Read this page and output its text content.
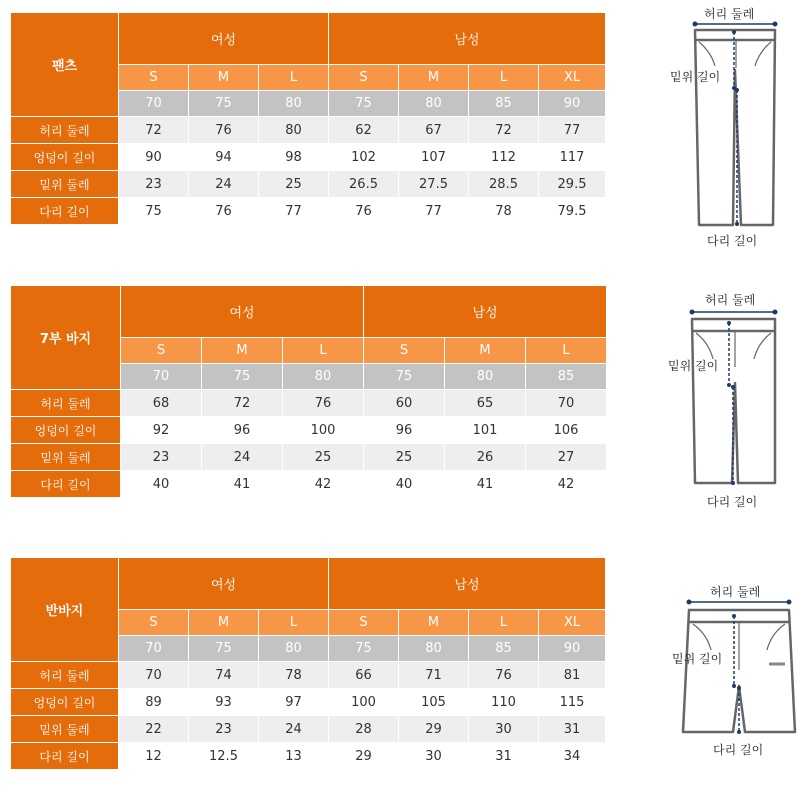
팬츠	여성			남성			
	S	M	L	S	M	L	XL
	70	75	80	75	80	85	90
허리 둘레	72	76	80	62	67	72	77
엉덩이 길이	90	94	98	102	107	112	117
밑위 둘레	23	24	25	26.5	27.5	28.5	29.5
다리 길이	75	76	77	76	77	78	79.5
7부 바지	여성			남성		
	S	M	L	S	M	L
	70	75	80	75	80	85
허리 둘레	68	72	76	60	65	70
엉덩이 길이	92	96	100	96	101	106
밑위 둘레	23	24	25	25	26	27
다리 길이	40	41	42	40	41	42
반바지	여성			남성			
	S	M	L	S	M	L	XL
	70	75	80	75	80	85	90
허리 둘레	70	74	78	66	71	76	81
엉덩이 길이	89	93	97	100	105	110	115
밑위 둘레	22	23	24	28	29	30	31
다리 길이	12	12.5	13	29	30	31	34
허리 둘레
밑위 길이
다리 길이
허리 둘레
밑위 길이
다리 길이
허리 둘레
밑위 길이
다리 길이
